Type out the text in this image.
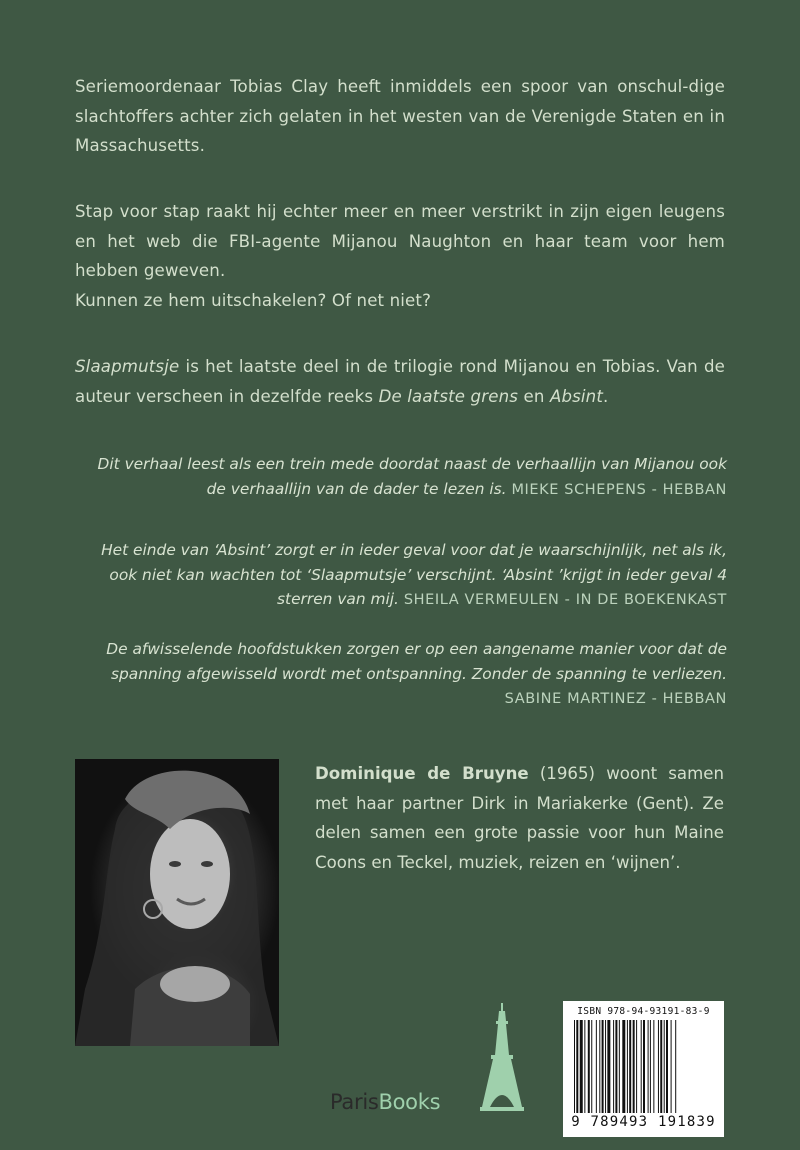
Seriemoordenaar Tobias Clay heeft inmiddels een spoor van onschul-dige slachtoffers achter zich gelaten in het westen van de Verenigde Staten en in Massachusetts.

Stap voor stap raakt hij echter meer en meer verstrikt in zijn eigen leugens en het web die FBI-agente Mijanou Naughton en haar team voor hem hebben geweven.

Kunnen ze hem uitschakelen? Of net niet?

Slaapmutsje is het laatste deel in de trilogie rond Mijanou en Tobias. Van de auteur verscheen in dezelfde reeks De laatste grens en Absint.

Dit verhaal leest als een trein mede doordat naast de verhaallijn van Mijanou ook de verhaallijn van de dader te lezen is. MIEKE SCHEPENS - HEBBAN
Het einde van ‘Absint’ zorgt er in ieder geval voor dat je waarschijnlijk, net als ik, ook niet kan wachten tot ‘Slaapmutsje’ verschijnt. ‘Absint ’krijgt in ieder geval 4 sterren van mij. SHEILA VERMEULEN - IN DE BOEKENKAST
De afwisselende hoofdstukken zorgen er op een aangename manier voor dat de spanning afgewisseld wordt met ontspanning. Zonder de spanning te verliezen. SABINE MARTINEZ - HEBBAN
Dominique de Bruyne (1965) woont samen met haar partner Dirk in Mariakerke (Gent). Ze delen samen een grote passie voor hun Maine Coons en Teckel, muziek, reizen en ‘wijnen’.
ParisBooks
ISBN 978-94-93191-83-9
9 789493 191839
